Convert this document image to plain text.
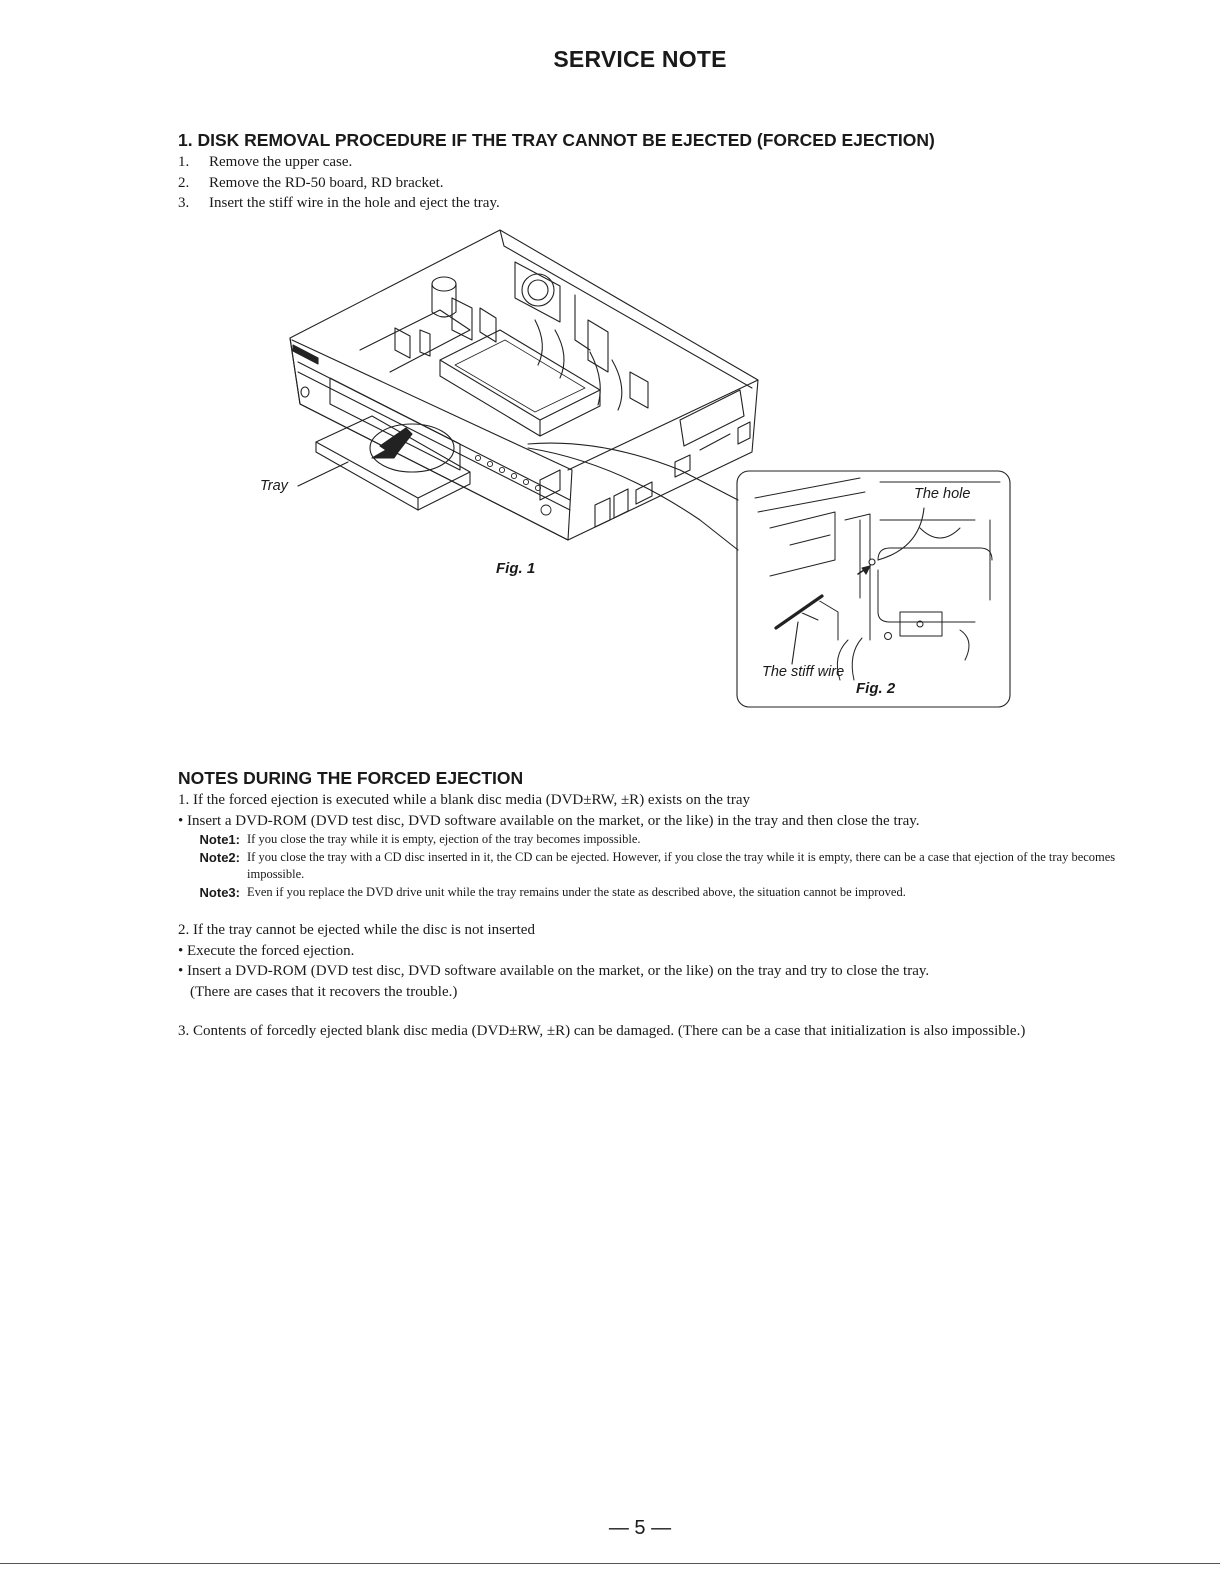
SERVICE NOTE
1. DISK REMOVAL PROCEDURE IF THE TRAY CANNOT BE EJECTED (FORCED EJECTION)
1. Remove the upper case.
2. Remove the RD-50 board, RD bracket.
3. Insert the stiff wire in the hole and eject the tray.
Tray
Fig. 1
The hole
The stiff wire
Fig. 2
NOTES DURING THE FORCED EJECTION
1. If the forced ejection is executed while a blank disc media (DVD±RW, ±R) exists on the tray
• Insert a DVD-ROM (DVD test disc, DVD software available on the market, or the like) in the tray and then close the tray.
Note1: If you close the tray while it is empty, ejection of the tray becomes impossible.
Note2: If you close the tray with a CD disc inserted in it, the CD can be ejected. However, if you close the tray while it is empty, there can be a case that ejection of the tray becomes impossible.
Note3: Even if you replace the DVD drive unit while the tray remains under the state as described above, the situation cannot be improved.
2. If the tray cannot be ejected while the disc is not inserted
• Execute the forced ejection.
• Insert a DVD-ROM (DVD test disc, DVD software available on the market, or the like) on the tray and try to close the tray.
(There are cases that it recovers the trouble.)
3. Contents of forcedly ejected blank disc media (DVD±RW, ±R) can be damaged. (There can be a case that initialization is also impossible.)
— 5 —
